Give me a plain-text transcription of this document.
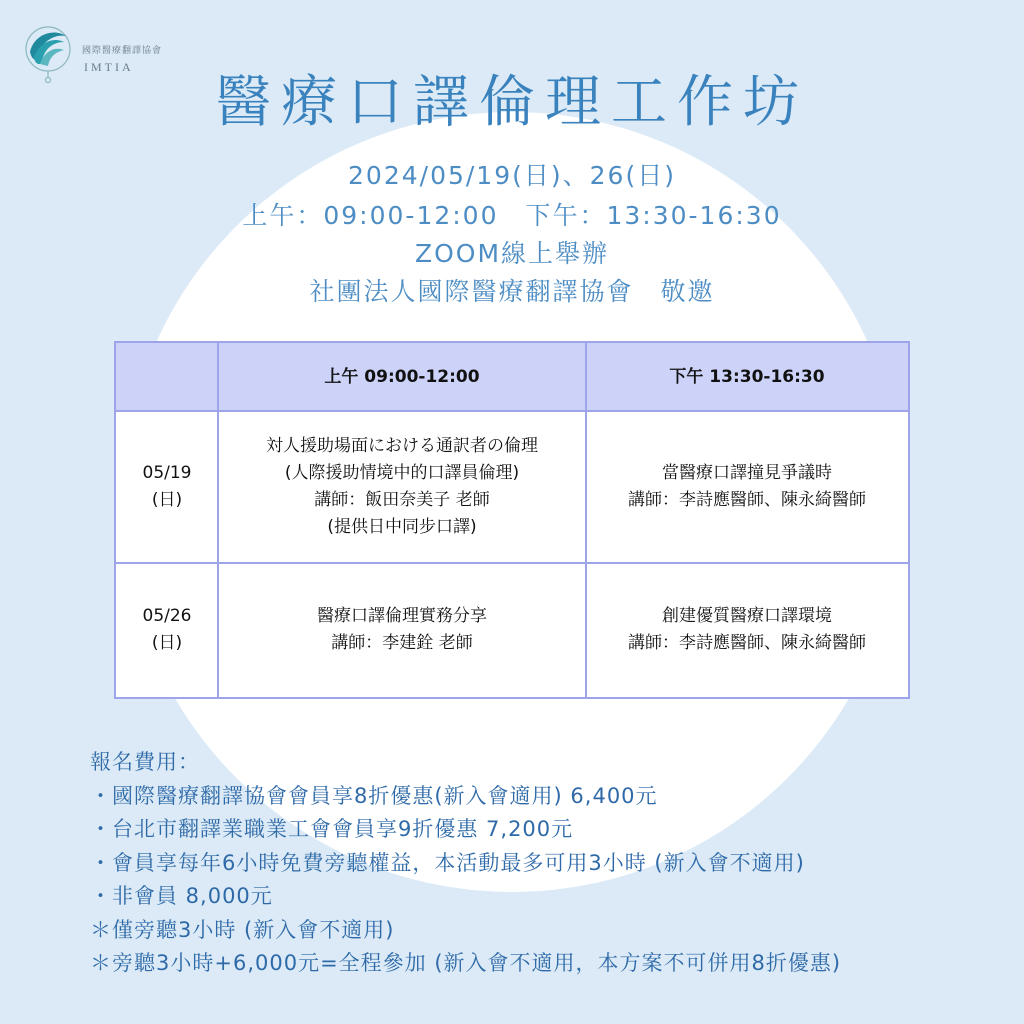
國際醫療翻譯協會
IMTIA
醫療口譯倫理工作坊
2024/05/19(日)、26(日)
上午：09:00-12:00　下午：13:30-16:30
ZOOM線上舉辦
社團法人國際醫療翻譯協會　敬邀
上午 09:00-12:00	下午 13:30-16:30
05/19
(日)
対人援助場面における通訳者の倫理
(人際援助情境中的口譯員倫理)
講師：飯田奈美子 老師
(提供日中同步口譯)
當醫療口譯撞見爭議時
講師：李詩應醫師、陳永綺醫師
05/26
(日)
醫療口譯倫理實務分享
講師：李建銓 老師
創建優質醫療口譯環境
講師：李詩應醫師、陳永綺醫師
報名費用：
・國際醫療翻譯協會會員享8折優惠(新入會適用) 6,400元
・台北市翻譯業職業工會會員享9折優惠 7,200元
・會員享每年6小時免費旁聽權益，本活動最多可用3小時 (新入會不適用)
・非會員 8,000元
＊僅旁聽3小時 (新入會不適用)
＊旁聽3小時+6,000元=全程參加 (新入會不適用，本方案不可併用8折優惠)
